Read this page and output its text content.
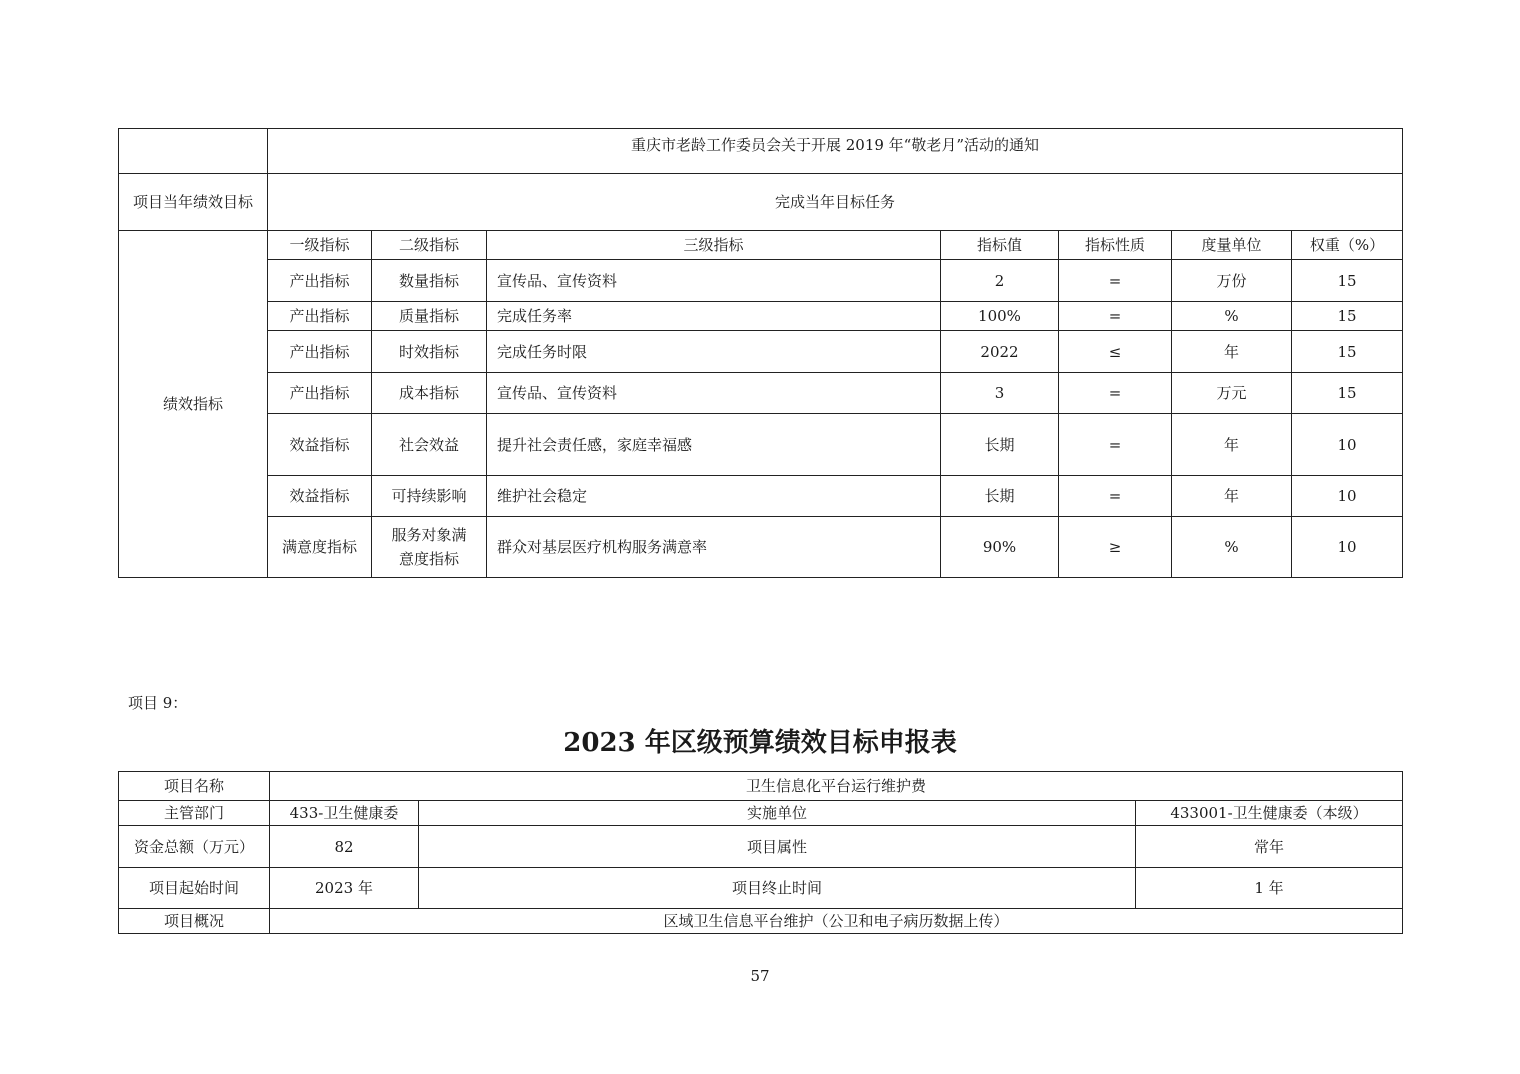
	重庆市老龄工作委员会关于开展 2019 年“敬老月”活动的通知						
项目当年绩效目标	完成当年目标任务						
绩效指标	一级指标	二级指标	三级指标	指标值	指标性质	度量单位	权重（%）
	产出指标	数量指标	宣传品、宣传资料	2	=	万份	15
	产出指标	质量指标	完成任务率	100%	=	%	15
	产出指标	时效指标	完成任务时限	2022	≤	年	15
	产出指标	成本指标	宣传品、宣传资料	3	=	万元	15
	效益指标	社会效益	提升社会责任感，家庭幸福感	长期	=	年	10
	效益指标	可持续影响	维护社会稳定	长期	=	年	10
	满意度指标	服务对象满意度指标	群众对基层医疗机构服务满意率	90%	≥	%	10
项目 9：
2023 年区级预算绩效目标申报表
项目名称	卫生信息化平台运行维护费		
主管部门	433-卫生健康委	实施单位	433001-卫生健康委（本级）
资金总额（万元）	82	项目属性	常年
项目起始时间	2023 年	项目终止时间	1 年
项目概况	区域卫生信息平台维护（公卫和电子病历数据上传）		
57
